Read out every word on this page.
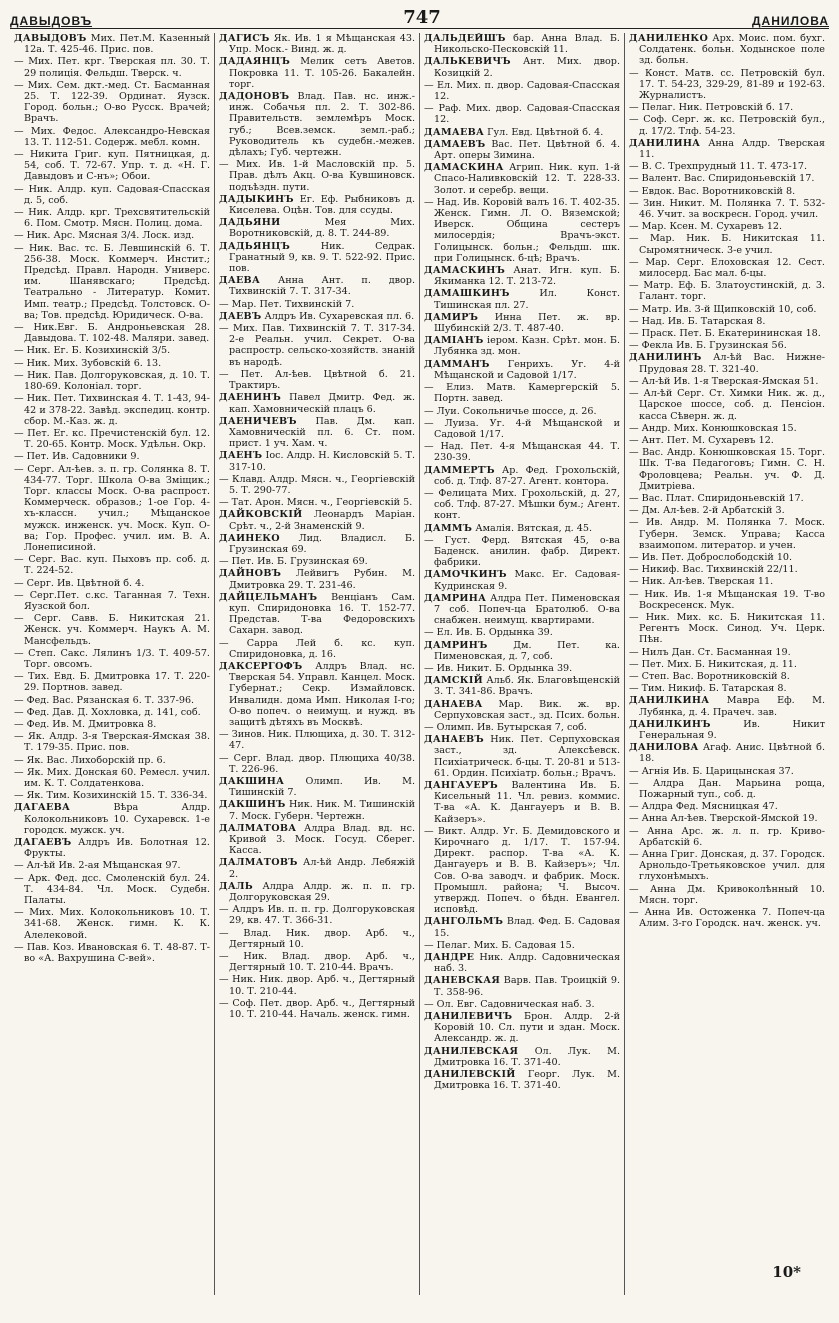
ДАВЫДОВЪ	747	ДАНИЛОВА

ДАВЫДОВЪ Мих. Пет.М. Казенный 12а. Т. 425-46. Прис. пов.

— Мих. Пет. крг. Тверская пл. 30. Т. 29 полиція. Фельдш. Тверск. ч.

— Мих. Сем. дкт.-мед. Ст. Басманная 25. Т. 122-39. Ординат. Яузск. Город. больн.; О-во Русск. Врачей; Врачъ.

— Мих. Федос. Александро-Невская 13. Т. 112-51. Содерж. мебл. комн.

— Никита Григ. куп. Пятницкая, д. 54, соб. Т. 72-67. Упр. т. д. «Н. Г. Давыдовъ и С-нъ»; Обои.

— Ник. Алдр. куп. Садовая-Спасская д. 5, соб.

— Ник. Алдр. крг. Трехсвятительскій 6. Пом. Смотр. Мясн. Полиц. дома.

— Ник. Арс. Мясная 3/4. Лоск. изд.

— Ник. Вас. тс. Б. Левшинскій 6. Т. 256-38. Моск. Коммерч. Инстит.; Предсѣд. Правл. Народн. Универс. им. Шанявскаго; Предсѣд. Театрально - Литератур. Комит. Имп. театр.; Предсѣд. Толстовск. О-ва; Тов. предсѣд. Юридическ. О-ва.

— Ник.Евг. Б. Андроньевская 28. Давыдова. Т. 102-48. Маляри. завед.

— Ник. Ег. Б. Козихинскій 3/5.

— Ник. Мих. Зубовскій 6. 13.

— Ник. Пав. Долгоруковская, д. 10. Т. 180-69. Колоніал. торг.

— Ник. Пет. Тихвинская 4. Т. 1-43, 94-42 и 378-22. Завѣд. экспедиц. контр. сбор. М.-Каз. ж. д.

— Пет. Ег. кс. Пречистенскій бул. 12. Т. 20-65. Контр. Моск. Удѣльн. Окр.

— Пет. Ив. Садовники 9.

— Серг. Ал-ѣев. з. п. гр. Солянка 8. Т. 434-77. Торг. Школа О-ва Зміщик.; Торг. классы Моск. О-ва распрост. Коммерческ. образов.; 1-ое Гор. 4-хъ-классн. учил.; Мѣщанское мужск. инженск. уч. Моск. Куп. О-ва; Гор. Профес. учил. им. В. А. Лонеписиной.

— Серг. Вас. куп. Пыховъ пр. соб. д. Т. 224-52.

— Серг. Ив. Цвѣтной б. 4.

— Серг.Пет. с.кс. Таганная 7. Техн. Яузской бол.

— Серг. Савв. Б. Никитская 21. Женск. уч. Коммерч. Наукъ А. М. Мансфельдъ.

— Степ. Сакс. Лялинъ 1/3. Т. 409-57. Торг. овсомъ.

— Тих. Евд. Б. Дмитровка 17. Т. 220-29. Портнов. завед.

— Фед. Вас. Рязанская 6. Т. 337-96.

— Фед. Дав. Д. Хохловка, д. 141, соб.

— Фед. Ив. М. Дмитровка 8.

— Як. Алдр. 3-я Тверская-Ямская 38. Т. 179-35. Прис. пов.

— Як. Вас. Лихоборскій пр. 6.

— Як. Мих. Донская 60. Ремесл. учил. им. К. Т. Солдатенкова.

— Як. Тим. Козихинскій 15. Т. 336-34.

ДАГАЕВА Вѣра Алдр. Колокольниковъ 10. Сухаревск. 1-е городск. мужск. уч.

ДАГАЕВЪ Алдръ Ив. Болотная 12. Фрукты.

— Ал-ѣй Ив. 2-ая Мѣщанская 97.

— Арк. Фед. дсс. Смоленскій бул. 24. Т. 434-84. Чл. Моск. Судебн. Палаты.

— Мих. Мих. Колокольниковъ 10. Т. 341-68. Женск. гимн. К. К. Алелековой.

— Пав. Коз. Ивановская 6. Т. 48-87. Т-во «А. Вахрушина С-вей».

ДАГИСЪ Як. Ив. 1 я Мѣщанская 43. Упр. Моск.- Винд. ж. д.

ДАДАЯНЦЪ Мелик сетъ Аветов. Покровка 11. Т. 105-26. Бакалейн. торг.

ДАДОНОВЪ Влад. Пав. нс. инж.-инж. Собачья пл. 2. Т. 302-86. Правительств. землемѣръ Моск. губ.; Всев.земск. земл.-раб.; Руководитель къ судебн.-межев. дѣлахъ; Губ. чертежн.

— Мих. Ив. 1-й Масловскій пр. 5. Прав. дѣлъ Акц. О-ва Кувшиновск. подъѣздн. пути.

ДАДЫКИНЪ Ег. Еф. Рыбниковъ д. Киселева. Оцѣн. Тов. для ссуды.

ДАДЬЯНИ Мея Мих. Воротниковскій, д. 8. Т. 244-89.

ДАДЬЯНЦЪ Ник. Седрак. Гранатный 9, кв. 9. Т. 522-92. Прис. пов.

ДАЕВА Анна Ант. п. двор. Тихвинскій 7. Т. 317-34.

— Мар. Пет. Тихвинскій 7.

ДАЕВЪ Алдръ Ив. Сухаревская пл. 6.

— Мих. Пав. Тихвинскій 7. Т. 317-34. 2-е Реальн. учил. Секрет. О-ва распростр. сельско-хозяйств. знаній въ народѣ.

— Пет. Ал-ѣев. Цвѣтной б. 21. Трактиръ.

ДАЕНИНЪ Павел Дмитр. Фед. ж. кап. Хамовническій плацъ 6.

ДАЕНИЧЕВЪ Пав. Дм. кап. Хамовническій пл. 6. Ст. пом. прист. 1 уч. Хам. ч.

ДАЕНЪ Іос. Алдр. Н. Кисловскій 5. Т. 317-10.

— Клавд. Алдр. Мясн. ч., Георгіевскій 5. Т. 290-77.

— Тат. Арон. Мясн. ч., Георгіевскій 5.

ДАЙКОВСКІЙ Леонардъ Маріан. Срѣт. ч., 2-й Знаменскій 9.

ДАИНЕКО Лид. Владисл. Б. Грузинская 69.

— Пет. Ив. Б. Грузинская 69.

ДАЙНОВЪ Лейвигъ Рубин. М. Дмитровка 29. Т. 231-46.

ДАЙЦЕЛЬМАНЪ Венціанъ Сам. куп. Спиридоновка 16. Т. 152-77. Представ. Т-ва Федоровскихъ Сахарн. завод.

— Сарра Лей б. кс. куп. Спиридоновка, д. 16.

ДАКСЕРГОФЪ Алдръ Влад. нс. Тверская 54. Управл. Канцел. Моск. Губернат.; Секр. Измайловск. Инвалидн. дома Имп. Николая І-го; О-во попеч. о неимущ. и нужд. въ защитѣ дѣтяхъ въ Москвѣ.

— Зинов. Ник. Плющиха, д. 30. Т. 312-47.

— Серг. Влад. двор. Плющиха 40/38. Т. 226-96.

ДАКШИНА Олимп. Ив. М. Тишинскій 7.

ДАКШИНЪ Ник. Ник. М. Тишинскій 7. Моск. Губерн. Чертежн.

ДАЛМАТОВА Алдра Влад. вд. нс. Кривой 3. Моск. Госуд. Сберег. Касса.

ДАЛМАТОВЪ Ал-ѣй Андр. Лебяжій 2.

ДАЛЬ Алдра Алдр. ж. п. п. гр. Долгоруковская 29.

— Алдръ Ив. п. п. гр. Долгоруковская 29, кв. 47. Т. 366-31.

— Влад. Ник. двор. Арб. ч., Дегтярный 10.

— Ник. Влад. двор. Арб. ч., Дегтярный 10. Т. 210-44. Врачъ.

— Ник. Ник. двор. Арб. ч., Дегтярный 10. Т. 210-44.

— Соф. Пет. двор. Арб. ч., Дегтярный 10. Т. 210-44. Началь. женск. гимн.

ДАЛЬДЕЙШЪ бар. Анна Влад. Б. Никольско-Песковскій 11.

ДАЛЬКЕВИЧЪ Ант. Мих. двор. Козицкій 2.

— Ел. Мих. п. двор. Садовая-Спасская 12.

— Раф. Мих. двор. Садовая-Спасская 12.

ДАМАЕВА Гул. Евд. Цвѣтной б. 4.

ДАМАЕВЪ Вас. Пет. Цвѣтной б. 4. Арт. оперы Зимина.

ДАМАСКИНА Агрип. Ник. куп. 1-й Спасо-Наливковскій 12. Т. 228-33. Золот. и серебр. вещи.

— Над. Ив. Коровій валъ 16. Т. 402-35. Женск. Гимн. Л. О. Вяземской; Иверск. Община сестеръ милосердія; Врачъ-экст. Голицынск. больн.; Фельдш. шк. при Голицынск. б-цѣ; Врачъ.

ДАМАСКИНЪ Анат. Игн. куп. Б. Якиманка 12. Т. 213-72.

ДАМАШКИНЪ Ил. Конст. Тишинская пл. 27.

ДАМИРЪ Инна Пет. ж. вр. Шубинскій 2/3. Т. 487-40.

ДАМІАНЪ іером. Казн. Срѣт. мон. Б. Лубянка зд. мон.

ДАММАНЪ Генрихъ. Уг. 4-й Мѣщанской и Садовой 1/17.

— Елиз. Матв. Камергерскій 5. Портн. завед.

— Луи. Сокольничье шоссе, д. 26.

— Луиза. Уг. 4-й Мѣщанской и Садовой 1/17.

— Над. Пет. 4-я Мѣщанская 44. Т. 230-39.

ДАММЕРТЪ Ар. Фед. Грохольскій, соб. д. Тлф. 87-27. Агент. контора.

— Фелицата Мих. Грохольскій, д. 27, соб. Тлф. 87-27. Мѣшки бум.; Агент. конт.

ДАММЪ Амалія. Вятская, д. 45.

— Густ. Ферд. Вятская 45, о-ва Баденск. анилин. фабр. Директ. фабрики.

ДАМОЧКИНЪ Макс. Ег. Садовая-Кудринская 9.

ДАМРИНА Алдра Пет. Пименовская 7 соб. Попеч-ца Братолюб. О-ва снабжен. неимущ. квартирами.

— Ел. Ив. Б. Ордынка 39.

ДАМРИНЪ Дм. Пет. ка. Пименовская, д. 7, соб.

— Ив. Никит. Б. Ордынка 39.

ДАМСКІЙ Альб. Як. Благовѣщенскій 3. Т. 341-86. Врачъ.

ДАНАЕВА Мар. Вик. ж. вр. Серпуховская заст., зд. Псих. больн.

— Олимп. Ив. Бутырская 7, соб.

ДАНАЕВЪ Ник. Пет. Серпуховская заст., зд. Алексѣевск. Психіатрическ. б-цы. Т. 20-81 и 513-61. Ордин. Психіатр. больн.; Врачъ.

ДАНГАУЕРЪ Валентина Ив. Б. Кисельный 11. Чл. ревиз. коммис. Т-ва «А. К. Дангауеръ и В. В. Кайзеръ».

— Викт. Алдр. Уг. Б. Демидовского и Кирочнаго д. 1/17. Т. 157-94. Директ. распор. Т-ва «А. К. Дангауеръ и В. В. Кайзеръ»; Чл. Сов. О-ва заводч. и фабрик. Моск. Промышл. района; Ч. Высоч. утвержд. Попеч. о бѣдн. Евангел. исповѣд.

ДАНГОЛЬМЪ Влад. Фед. Б. Садовая 15.

— Пелаг. Мих. Б. Садовая 15.

ДАНДРЕ Ник. Алдр. Садовническая наб. 3.

ДАНЕВСКАЯ Варв. Пав. Троицкій 9. Т. 358-96.

— Ол. Евг. Садовническая наб. 3.

ДАНИЛЕВИЧЪ Брон. Алдр. 2-й Коровій 10. Сл. пути и здан. Моск. Александр. ж. д.

ДАНИЛЕВСКАЯ Ол. Лук. М. Дмитровка 16. Т. 371-40.

ДАНИЛЕВСКІЙ Георг. Лук. М. Дмитровка 16. Т. 371-40.

ДАНИЛЕНКО Арх. Моис. пом. бухг. Солдатенк. больн. Ходынское поле зд. больн.

— Конст. Матв. сс. Петровскій бул. 17. Т. 54-23, 329-29, 81-89 и 192-63. Журналистъ.

— Пелаг. Ник. Петровскій б. 17.

— Соф. Серг. ж. кс. Петровскій бул., д. 17/2. Тлф. 54-23.

ДАНИЛИНА Анна Алдр. Тверская 11.

— В. С. Трехпрудный 11. Т. 473-17.

— Валент. Вас. Спиридоньевскій 17.

— Евдок. Вас. Воротниковскій 8.

— Зин. Никит. М. Полянка 7. Т. 532-46. Учит. за воскресн. Город. учил.

— Мар. Ксен. М. Сухаревъ 12.

— Мар. Ник. Б. Никитская 11. Сыромятническ. 3-е учил.

— Мар. Серг. Елоховская 12. Сест. милосерд. Бас мал. б-цы.

— Матр. Еф. Б. Златоустинскій, д. 3. Галант. торг.

— Матр. Ив. 3-й Щипковскій 10, соб.

— Над. Ив. Б. Татарская 8.

— Праск. Пет. Б. Екатерининская 18.

— Фекла Ив. Б. Грузинская 56.

ДАНИЛИНЪ Ал-ѣй Вас. Нижне-Прудовая 28. Т. 321-40.

— Ал-ѣй Ив. 1-я Тверская-Ямская 51.

— Ал-ѣй Серг. Ст. Химки Ник. ж. д., Царское шоссе, соб. д. Пенсіон. касса Сѣверн. ж. д.

— Андр. Мих. Конюшковская 15.

— Ант. Пет. М. Сухаревъ 12.

— Вас. Андр. Конюшковская 15. Торг. Шк. Т-ва Педагоговъ; Гимн. С. Н. Фроловцева; Реальн. уч. Ф. Д. Дмитріева.

— Вас. Плат. Спиридоньевскій 17.

— Дм. Ал-ѣев. 2-й Арбатскій 3.

— Ив. Андр. М. Полянка 7. Моск. Губерн. Земск. Управа; Касса взаимопом. литератор. и учен.

— Ив. Пет. Доброслободскій 10.

— Никиф. Вас. Тихвинскій 22/11.

— Ник. Ал-ѣев. Тверская 11.

— Ник. Ив. 1-я Мѣщанская 19. Т-во Воскресенск. Мук.

— Ник. Мих. кс. Б. Никитская 11. Регентъ Моск. Синод. Уч. Церк. Пѣн.

— Нилъ Дан. Ст. Басманная 19.

— Пет. Мих. Б. Никитская, д. 11.

— Степ. Вас. Воротниковскій 8.

— Тим. Никиф. Б. Татарская 8.

ДАНИЛКИНА Мавра Еф. М. Лубянка, д. 4. Прачеч. зав.

ДАНИЛКИНЪ Ив. Никит Генеральная 9.

ДАНИЛОВА Агаф. Анис. Цвѣтной б. 18.

— Агнія Ив. Б. Царицынская 37.

— Алдра Дан. Марьина роща, Пожарный туп., соб. д.

— Алдра Фед. Мясницкая 47.

— Анна Ал-ѣев. Тверской-Ямской 19.

— Анна Арс. ж. л. п. гр. Криво-Арбатскій 6.

— Анна Григ. Донская, д. 37. Городск. Арнольдо-Третьяковское учил. для глухонѣмыхъ.

— Анна Дм. Кривоколѣнный 10. Мясн. торг.

— Анна Ив. Остоженка 7. Попеч-ца Алим. 3-го Городск. нач. женск. уч.

10*
